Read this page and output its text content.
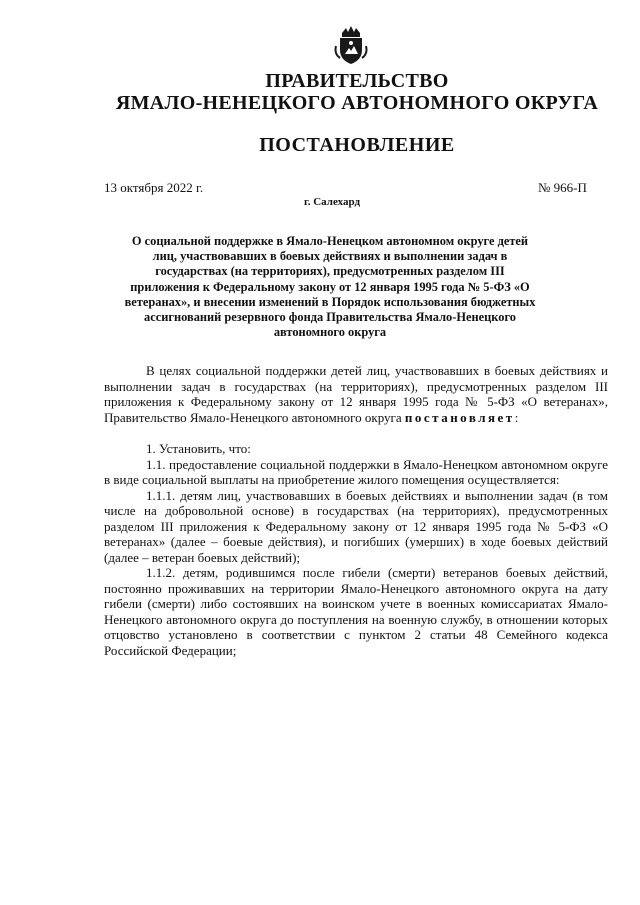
ПРАВИТЕЛЬСТВО
ЯМАЛО-НЕНЕЦКОГО АВТОНОМНОГО ОКРУГА
ПОСТАНОВЛЕНИЕ
13 октября 2022 г.	№ 966-П
г. Салехард
О социальной поддержке в Ямало-Ненецком автономном округе детей лиц, участвовавших в боевых действиях и выполнении задач в государствах (на территориях), предусмотренных разделом III приложения к Федеральному закону от 12 января 1995 года № 5-ФЗ «О ветеранах», и внесении изменений в Порядок использования бюджетных ассигнований резервного фонда Правительства Ямало-Ненецкого автономного округа

В целях социальной поддержки детей лиц, участвовавших в боевых действиях и выполнении задач в государствах (на территориях), предусмотренных разделом III приложения к Федеральному закону от 12 января 1995 года № 5-ФЗ «О ветеранах», Правительство Ямало-Ненецкого автономного округа постановляет:

1. Установить, что:

1.1. предоставление социальной поддержки в Ямало-Ненецком автономном округе в виде социальной выплаты на приобретение жилого помещения осуществляется:

1.1.1. детям лиц, участвовавших в боевых действиях и выполнении задач (в том числе на добровольной основе) в государствах (на территориях), предусмотренных разделом III приложения к Федеральному закону от 12 января 1995 года № 5-ФЗ «О ветеранах» (далее – боевые действия), и погибших (умерших) в ходе боевых действий (далее – ветеран боевых действий);

1.1.2. детям, родившимся после гибели (смерти) ветеранов боевых действий, постоянно проживавших на территории Ямало-Ненецкого автономного округа на дату гибели (смерти) либо состоявших на воинском учете в военных комиссариатах Ямало-Ненецкого автономного округа до поступления на военную службу, в отношении которых отцовство установлено в соответствии с пунктом 2 статьи 48 Семейного кодекса Российской Федерации;
